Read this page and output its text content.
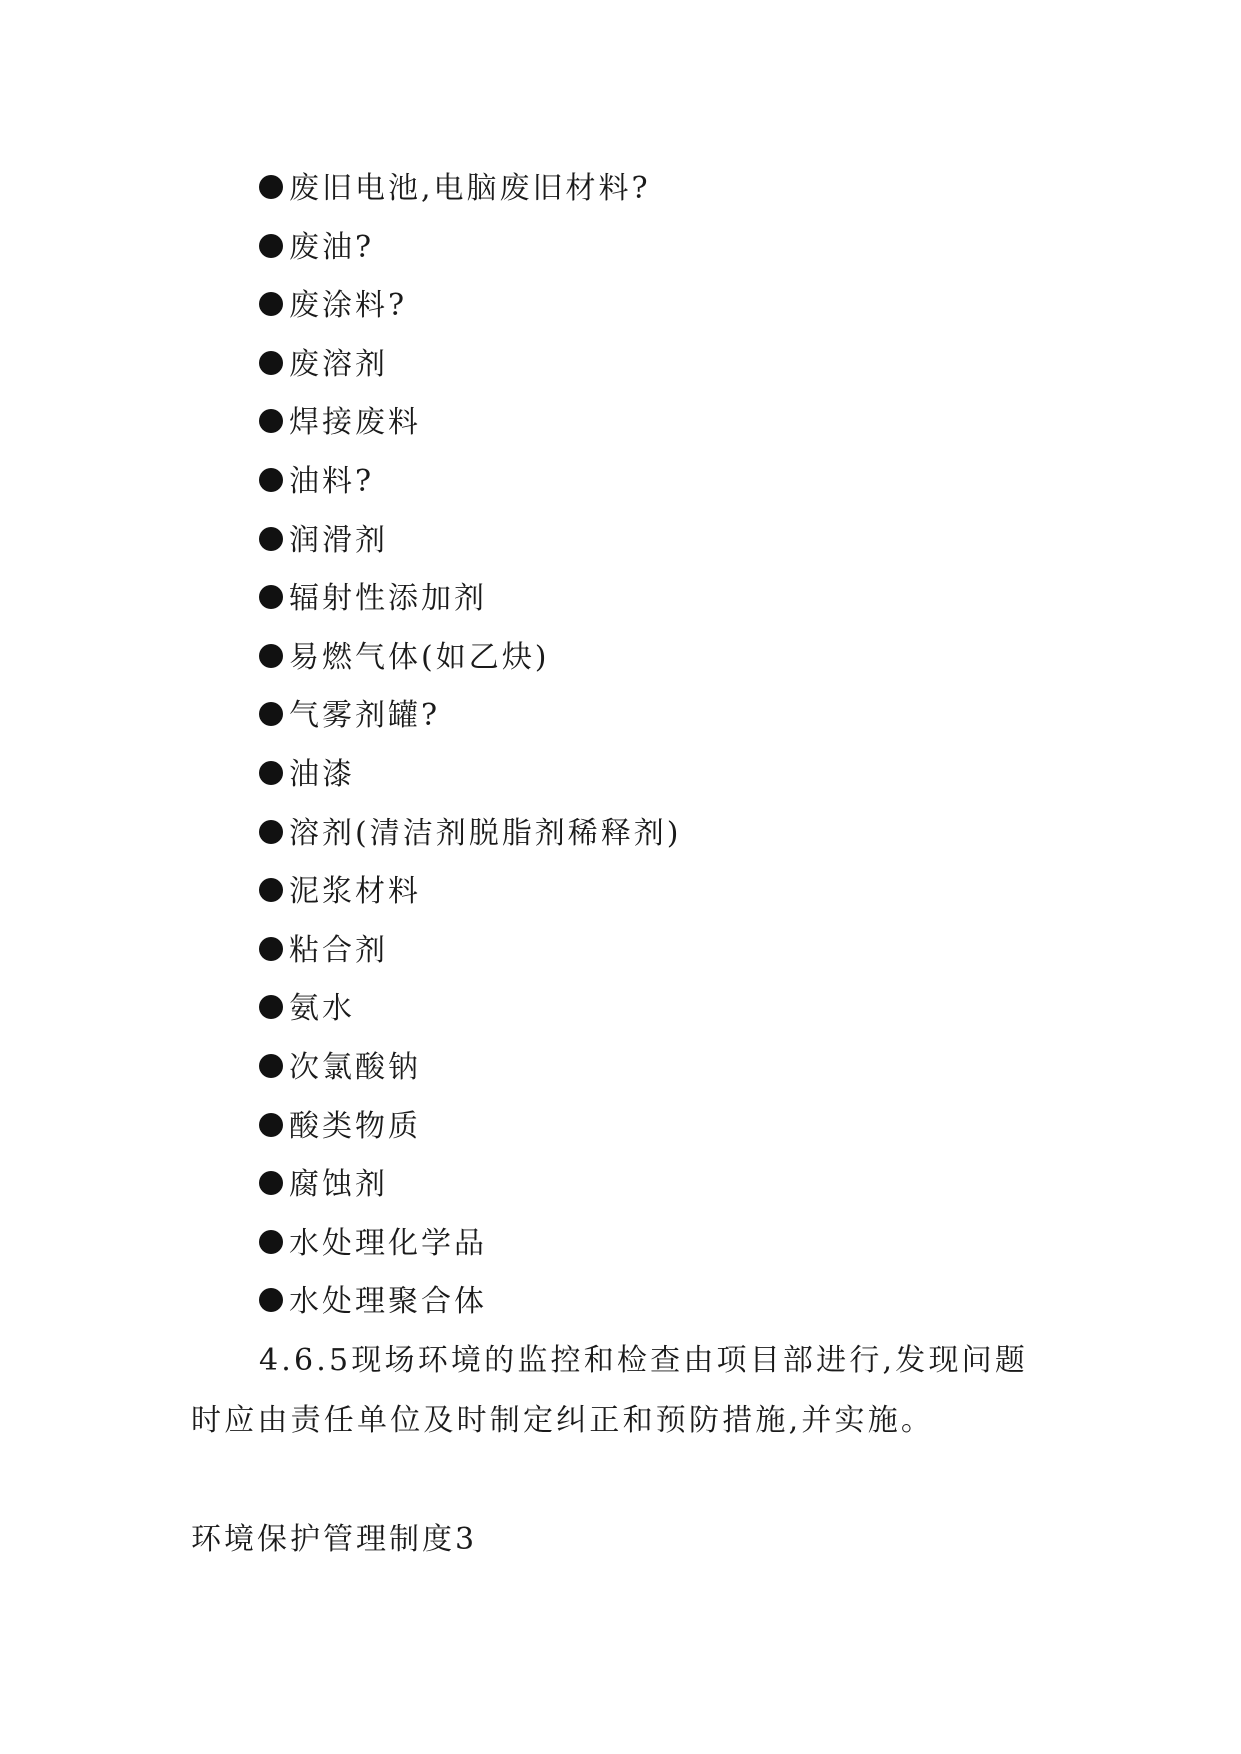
废旧电池,电脑废旧材料?
废油?
废涂料?
废溶剂
焊接废料
油料?
润滑剂
辐射性添加剂
易燃气体(如乙炔)
气雾剂罐?
油漆
溶剂(清洁剂脱脂剂稀释剂)
泥浆材料
粘合剂
氨水
次氯酸钠
酸类物质
腐蚀剂
水处理化学品
水处理聚合体

4.6.5现场环境的监控和检查由项目部进行,发现问题
时应由责任单位及时制定纠正和预防措施,并实施。

环境保护管理制度3
